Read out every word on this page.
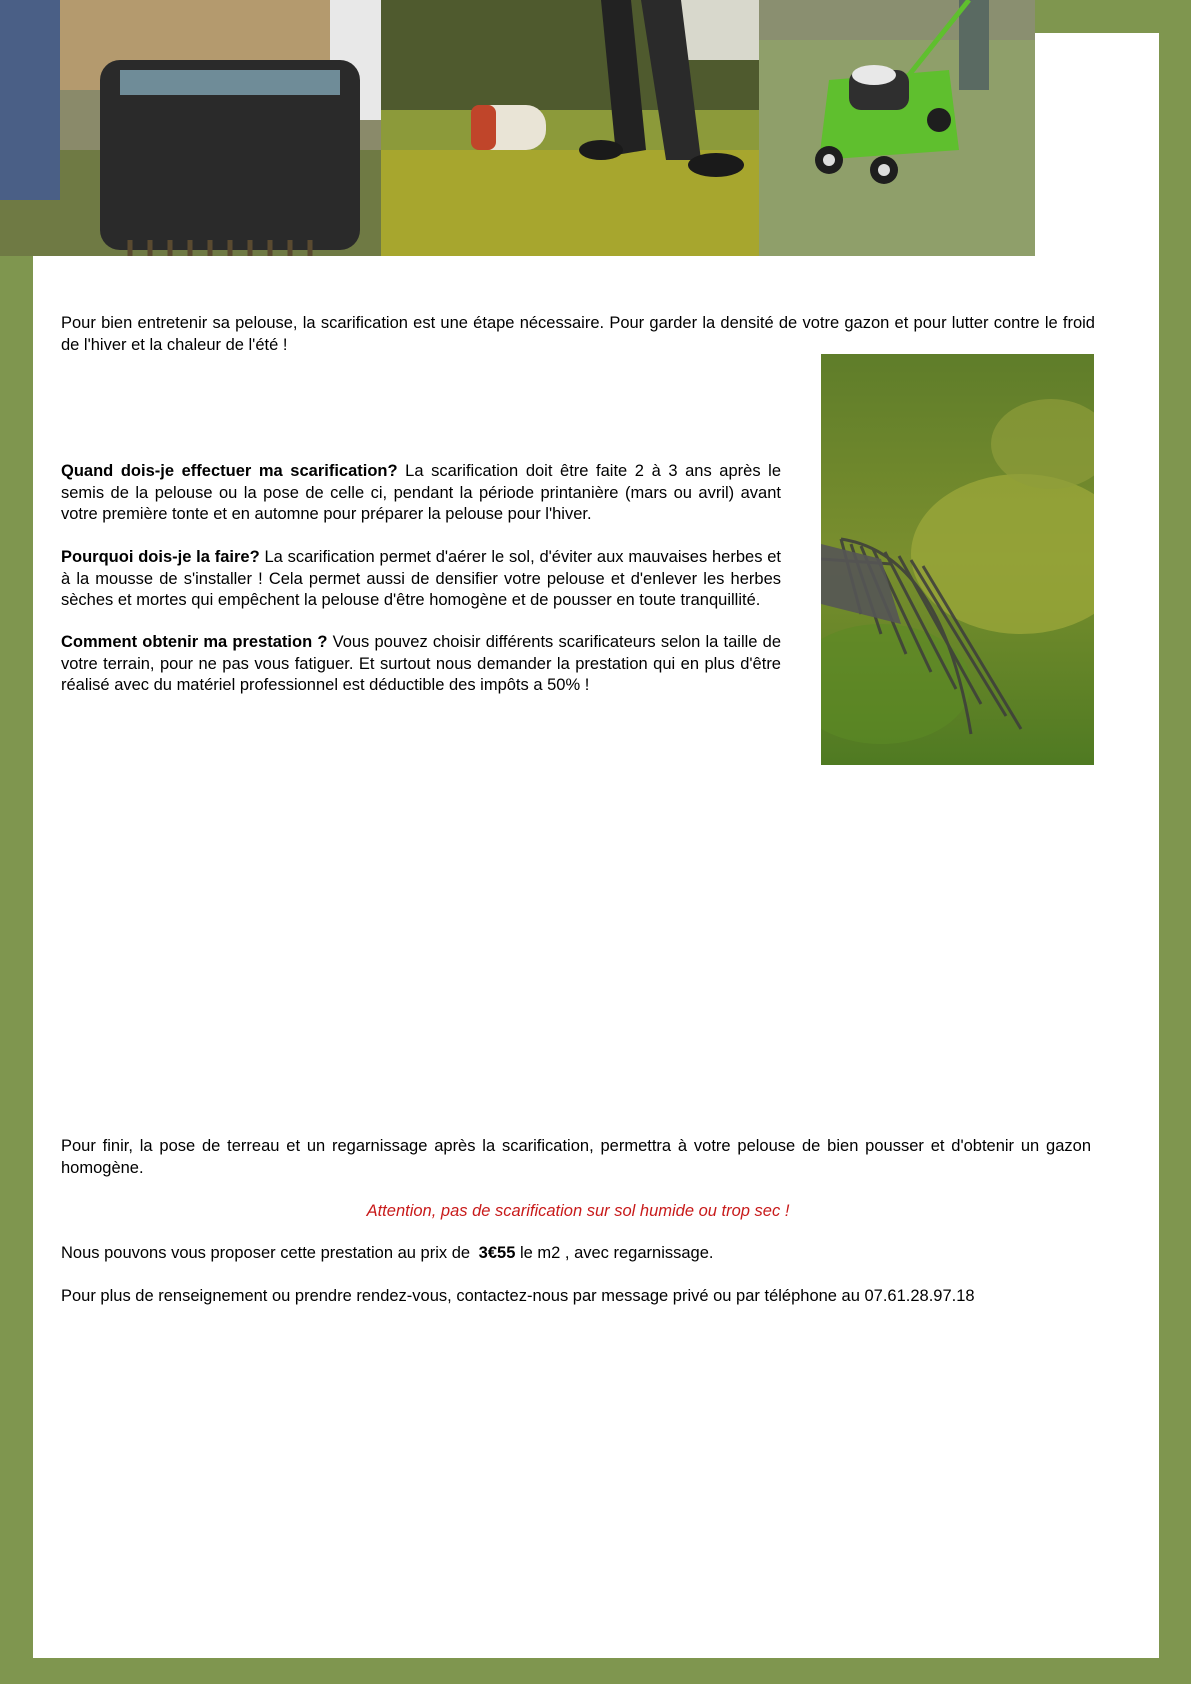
Pour bien entretenir sa pelouse, la scarification est une étape nécessaire. Pour garder la densité de votre gazon et pour lutter contre le froid de l'hiver et la chaleur de l'été !

Quand dois-je effectuer ma scarification? La scarification doit être faite 2 à 3 ans après le semis de la pelouse ou la pose de celle ci, pendant la période printanière (mars ou avril) avant votre première tonte et en automne pour préparer la pelouse pour l'hiver.

Pourquoi dois-je la faire? La scarification permet d'aérer le sol, d'éviter aux mauvaises herbes et à la mousse de s'installer ! Cela permet aussi de densifier votre pelouse et d'enlever les herbes sèches et mortes qui empêchent la pelouse d'être homogène et de pousser en toute tranquillité.

Comment obtenir ma prestation ? Vous pouvez choisir différents scarificateurs selon la taille de votre terrain, pour ne pas vous fatiguer. Et surtout nous demander la prestation qui en plus d'être réalisé avec du matériel professionnel est déductible des impôts a 50% !

Pour finir, la pose de terreau et un regarnissage après la scarification, permettra à votre pelouse de bien pousser et d'obtenir un gazon homogène.

Attention, pas de scarification sur sol humide ou trop sec !

Nous pouvons vous proposer cette prestation au prix de 3€55 le m2 , avec regarnissage.

Pour plus de renseignement ou prendre rendez-vous, contactez-nous par message privé ou par téléphone au 07.61.28.97.18
